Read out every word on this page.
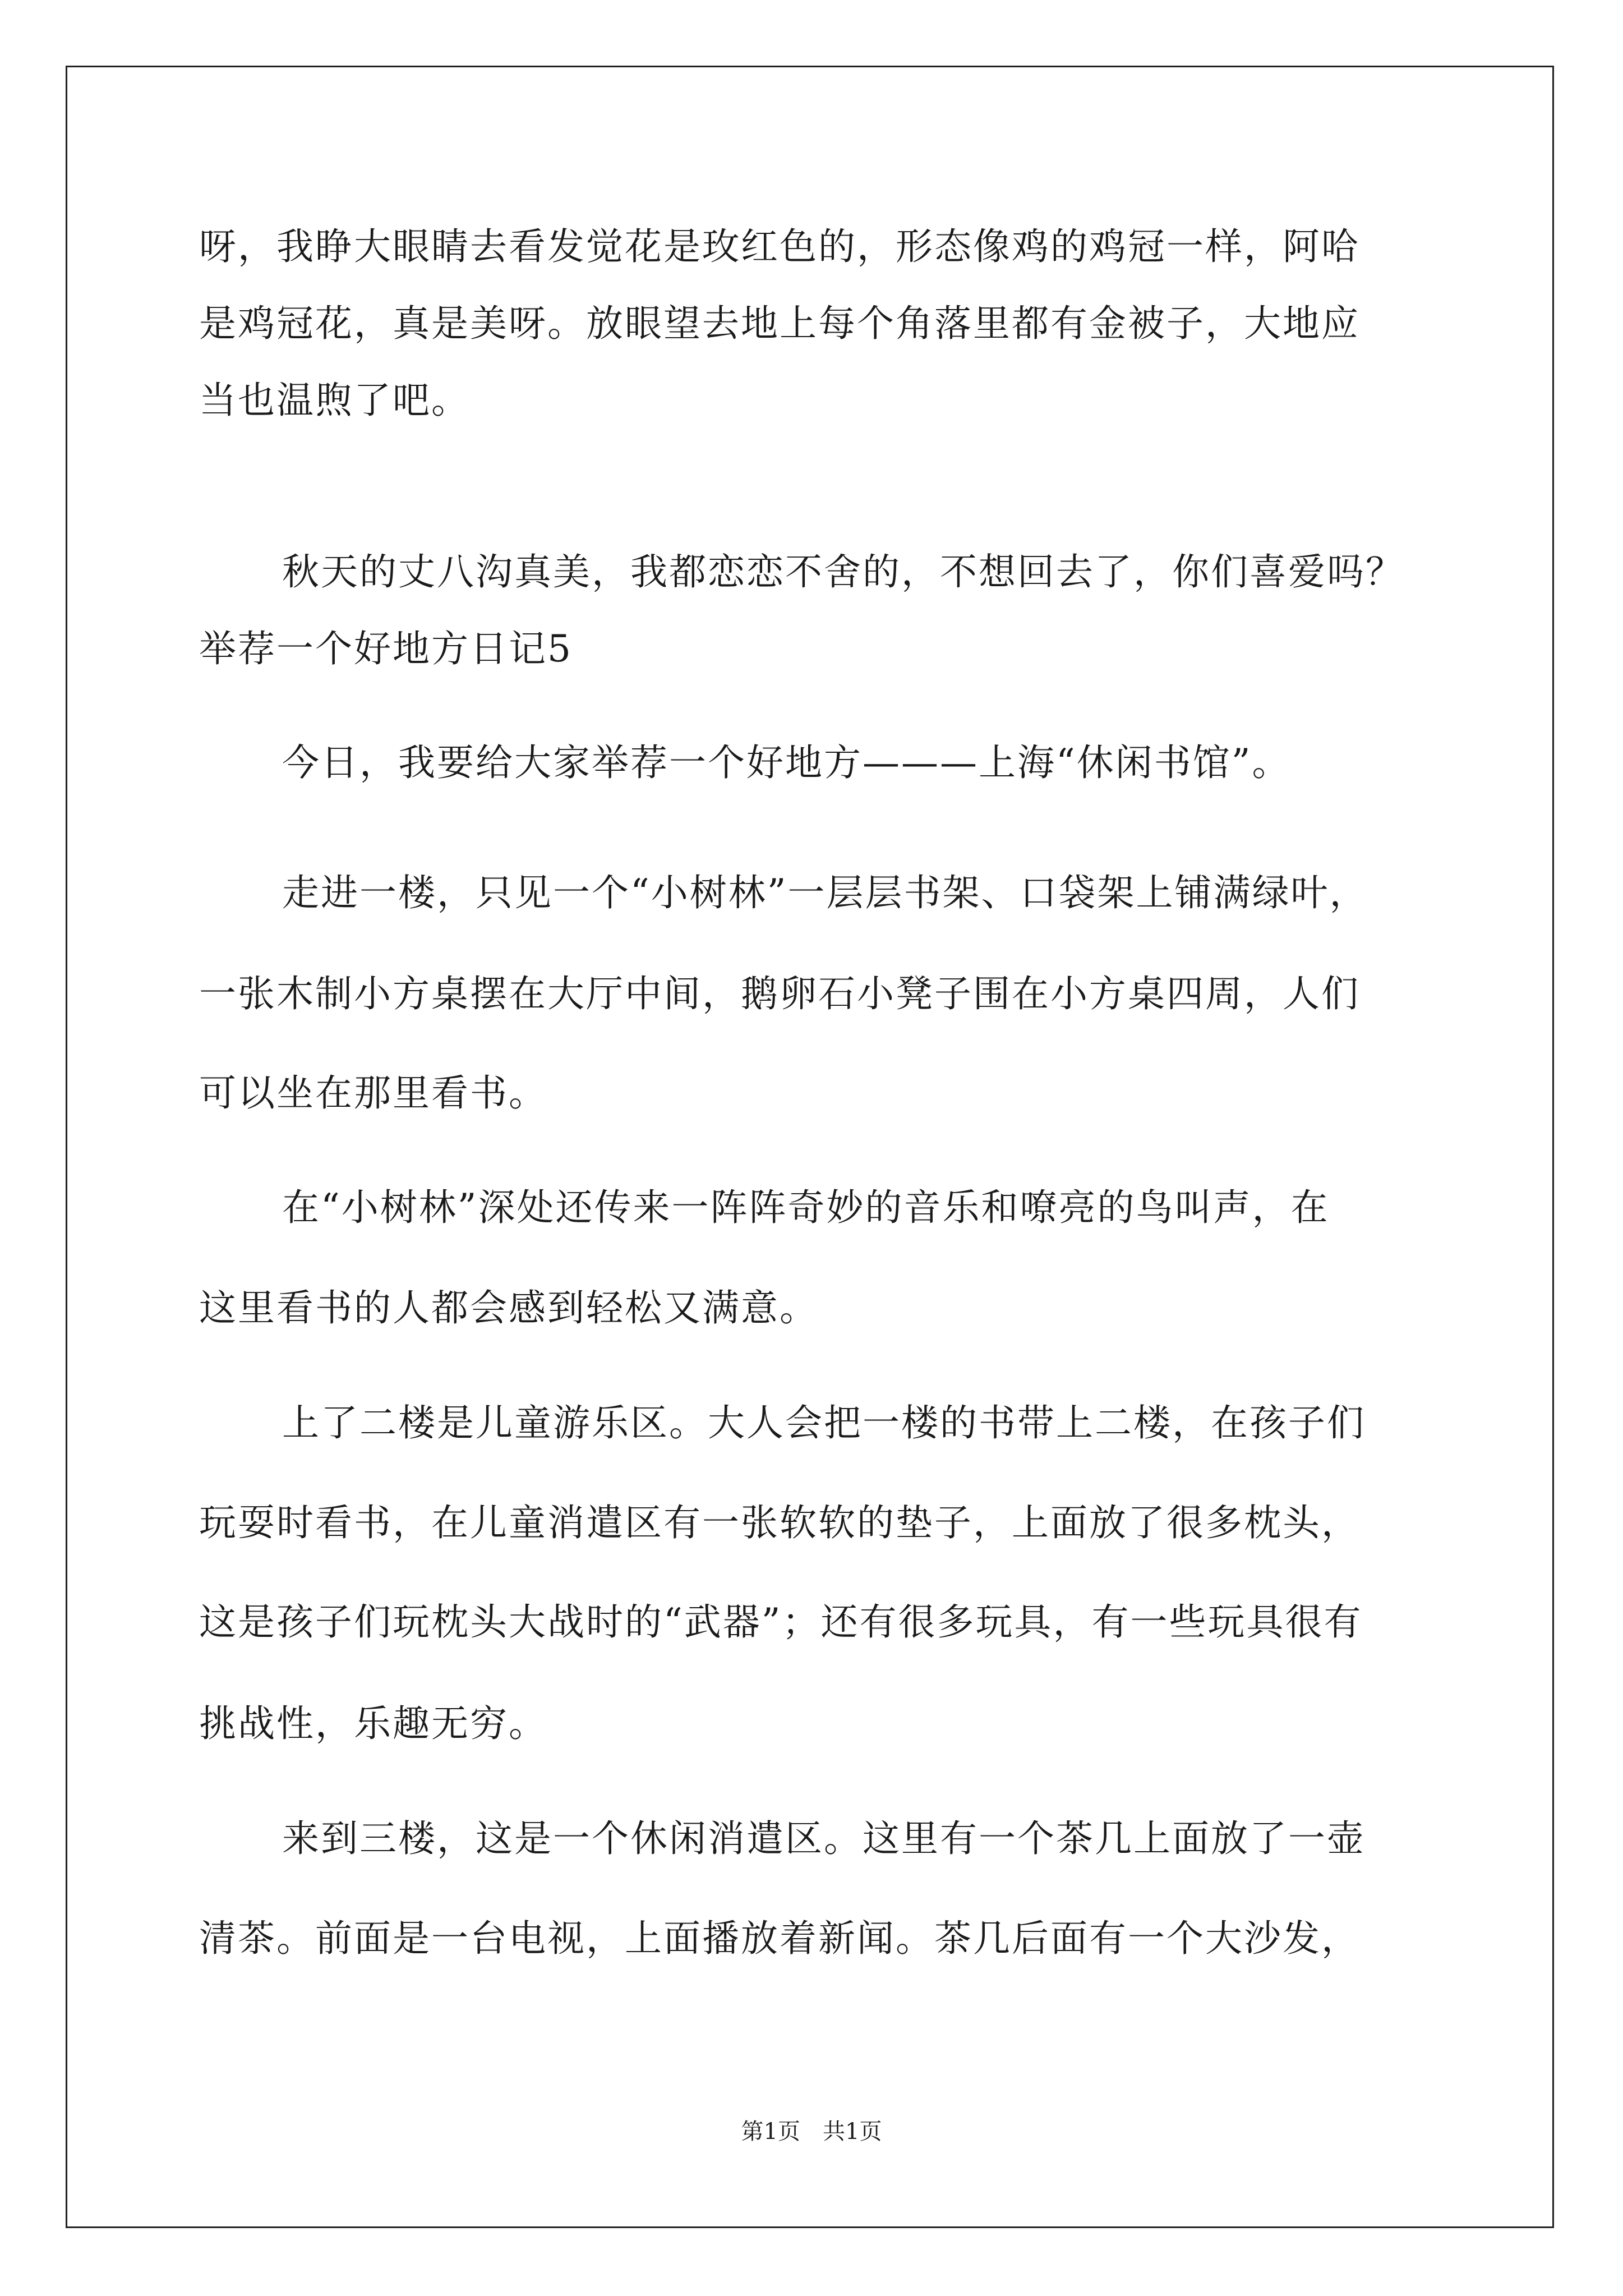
呀，我睁大眼睛去看发觉花是玫红色的，形态像鸡的鸡冠一样，阿哈

是鸡冠花，真是美呀。放眼望去地上每个角落里都有金被子，大地应

当也温煦了吧。

秋天的丈八沟真美，我都恋恋不舍的，不想回去了，你们喜爱吗？

举荐一个好地方日记5

今日，我要给大家举荐一个好地方———上海“休闲书馆”。

走进一楼，只见一个“小树林”一层层书架、口袋架上铺满绿叶，

一张木制小方桌摆在大厅中间，鹅卵石小凳子围在小方桌四周，人们

可以坐在那里看书。

在“小树林”深处还传来一阵阵奇妙的音乐和嘹亮的鸟叫声，在

这里看书的人都会感到轻松又满意。

上了二楼是儿童游乐区。大人会把一楼的书带上二楼，在孩子们

玩耍时看书，在儿童消遣区有一张软软的垫子，上面放了很多枕头，

这是孩子们玩枕头大战时的“武器”；还有很多玩具，有一些玩具很有

挑战性，乐趣无穷。

来到三楼，这是一个休闲消遣区。这里有一个茶几上面放了一壶

清茶。前面是一台电视，上面播放着新闻。茶几后面有一个大沙发，

第1页　共1页
